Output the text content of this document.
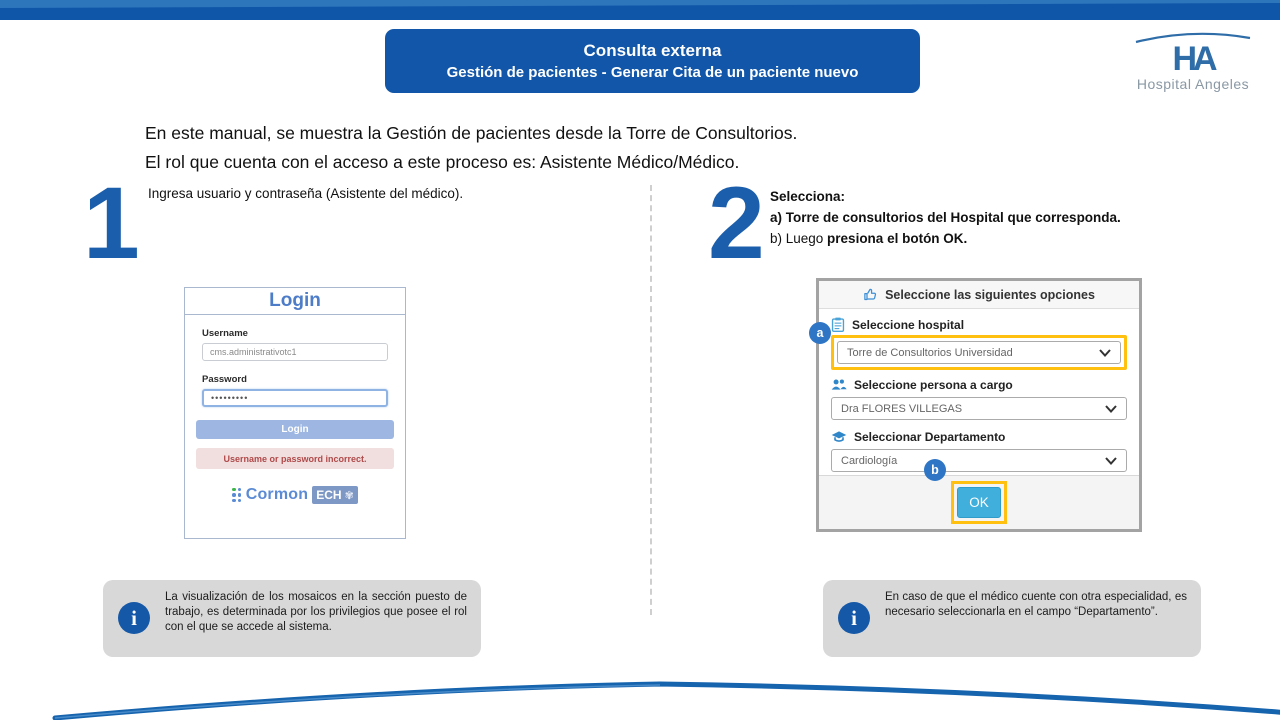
Consulta externa
Gestión de pacientes - Generar Cita de un paciente nuevo	HA
Hospital Angeles
En este manual, se muestra la Gestión de pacientes desde la Torre de Consultorios.
El rol que cuenta con el acceso a este proceso es: Asistente Médico/Médico.
1 Ingresa usuario y contraseña (Asistente del médico).
Login
Username
cms.administrativotc1
Password
•••••••••
Login
Username or password incorrect.
Cormon ECH ✾
2 Selecciona:
a) Torre de consultorios del Hospital que corresponda.
b) Luego presiona el botón OK.
a
b
Seleccione las siguientes opciones
Seleccione hospital
Torre de Consultorios Universidad
Seleccione persona a cargo
Dra FLORES VILLEGAS
Seleccionar Departamento
Cardiología
OK
i
La visualización de los mosaicos en la sección puesto de trabajo, es determinada por los privilegios que posee el rol con el que se accede al sistema.	i
En caso de que el médico cuente con otra especialidad, es necesario seleccionarla en el campo “Departamento”.
